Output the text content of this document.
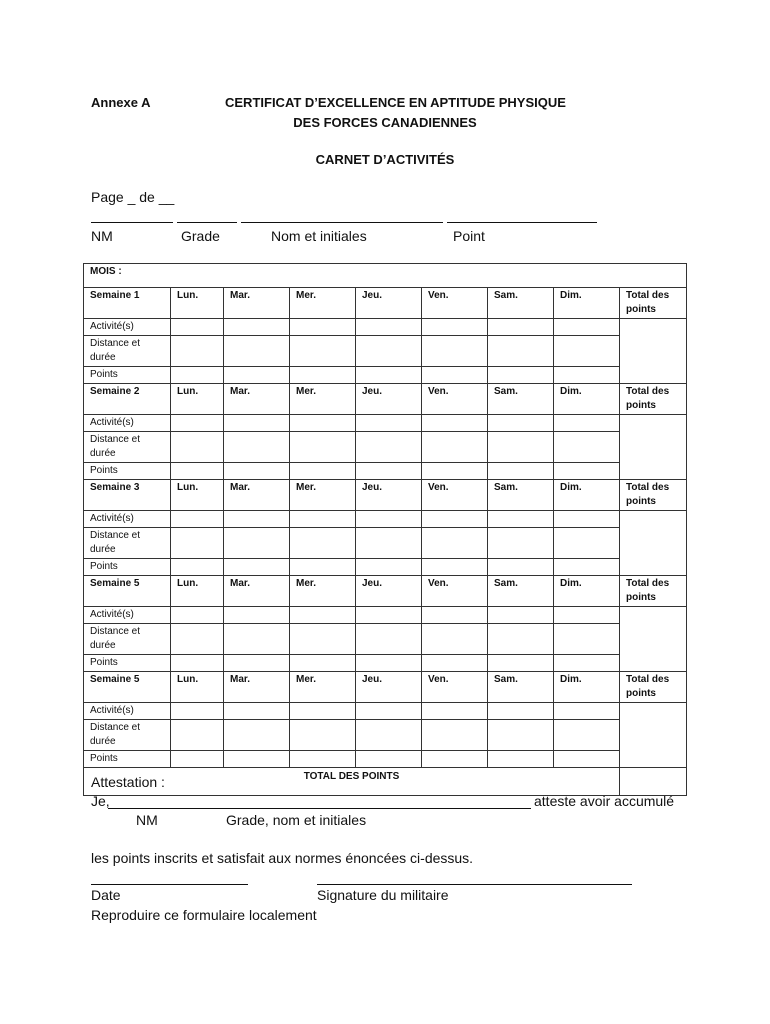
Annexe A	CERTIFICAT D’EXCELLENCE EN APTITUDE PHYSIQUE
DES FORCES CANADIENNES
CARNET D’ACTIVITÉS
Page _ de __
NM	Grade	Nom et initiales	Point
MOIS :								
Semaine 1	Lun.	Mar.	Mer.	Jeu.	Ven.	Sam.	Dim.	Total des points
Activité(s)								
Distance et durée								
Points								
Semaine 2	Lun.	Mar.	Mer.	Jeu.	Ven.	Sam.	Dim.	Total des points
Activité(s)								
Distance et durée								
Points								
Semaine 3	Lun.	Mar.	Mer.	Jeu.	Ven.	Sam.	Dim.	Total des points
Activité(s)								
Distance et durée								
Points								
Semaine 5	Lun.	Mar.	Mer.	Jeu.	Ven.	Sam.	Dim.	Total des points
Activité(s)								
Distance et durée								
Points								
Semaine 5	Lun.	Mar.	Mer.	Jeu.	Ven.	Sam.	Dim.	Total des points
Activité(s)								
Distance et durée								
Points								
TOTAL DES POINTS								
Attestation :
Je,	atteste avoir accumulé
NM	Grade, nom et initiales
les points inscrits et satisfait aux normes énoncées ci-dessus.
Date	Signature du militaire
Reproduire ce formulaire localement
